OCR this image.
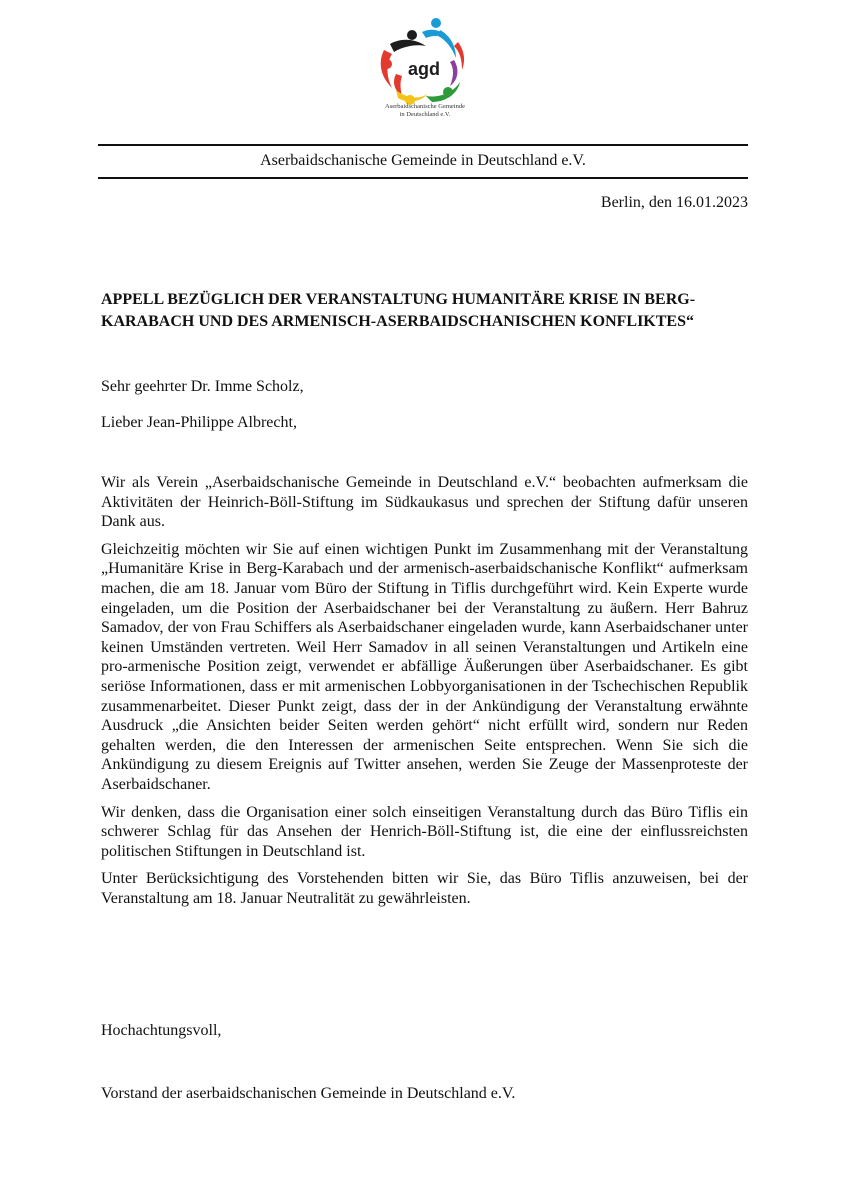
agd
Aserbaidschanische Gemeinde
in Deutschland e.V.
Aserbaidschanische Gemeinde in Deutschland e.V.
Berlin, den 16.01.2023
APPELL BEZÜGLICH DER VERANSTALTUNG HUMANITÄRE KRISE IN BERG-KARABACH UND DES ARMENISCH-ASERBAIDSCHANISCHEN KONFLIKTES“
Sehr geehrter Dr. Imme Scholz,
Lieber Jean-Philippe Albrecht,

Wir als Verein „Aserbaidschanische Gemeinde in Deutschland e.V.“ beobachten aufmerksam die Aktivitäten der Heinrich-Böll-Stiftung im Südkaukasus und sprechen der Stiftung dafür unseren Dank aus.

Gleichzeitig möchten wir Sie auf einen wichtigen Punkt im Zusammenhang mit der Veranstaltung „Humanitäre Krise in Berg-Karabach und der armenisch-aserbaidschanische Konflikt“ aufmerksam machen, die am 18. Januar vom Büro der Stiftung in Tiflis durchgeführt wird. Kein Experte wurde eingeladen, um die Position der Aserbaidschaner bei der Veranstaltung zu äußern. Herr Bahruz Samadov, der von Frau Schiffers als Aserbaidschaner eingeladen wurde, kann Aserbaidschaner unter keinen Umständen vertreten. Weil Herr Samadov in all seinen Veranstaltungen und Artikeln eine pro-armenische Position zeigt, verwendet er abfällige Äußerungen über Aserbaidschaner. Es gibt seriöse Informationen, dass er mit armenischen Lobbyorganisationen in der Tschechischen Republik zusammenarbeitet. Dieser Punkt zeigt, dass der in der Ankündigung der Veranstaltung erwähnte Ausdruck „die Ansichten beider Seiten werden gehört“ nicht erfüllt wird, sondern nur Reden gehalten werden, die den Interessen der armenischen Seite entsprechen. Wenn Sie sich die Ankündigung zu diesem Ereignis auf Twitter ansehen, werden Sie Zeuge der Massenproteste der Aserbaidschaner.

Wir denken, dass die Organisation einer solch einseitigen Veranstaltung durch das Büro Tiflis ein schwerer Schlag für das Ansehen der Henrich-Böll-Stiftung ist, die eine der einflussreichsten politischen Stiftungen in Deutschland ist.

Unter Berücksichtigung des Vorstehenden bitten wir Sie, das Büro Tiflis anzuweisen, bei der Veranstaltung am 18. Januar Neutralität zu gewährleisten.

Hochachtungsvoll,
Vorstand der aserbaidschanischen Gemeinde in Deutschland e.V.
